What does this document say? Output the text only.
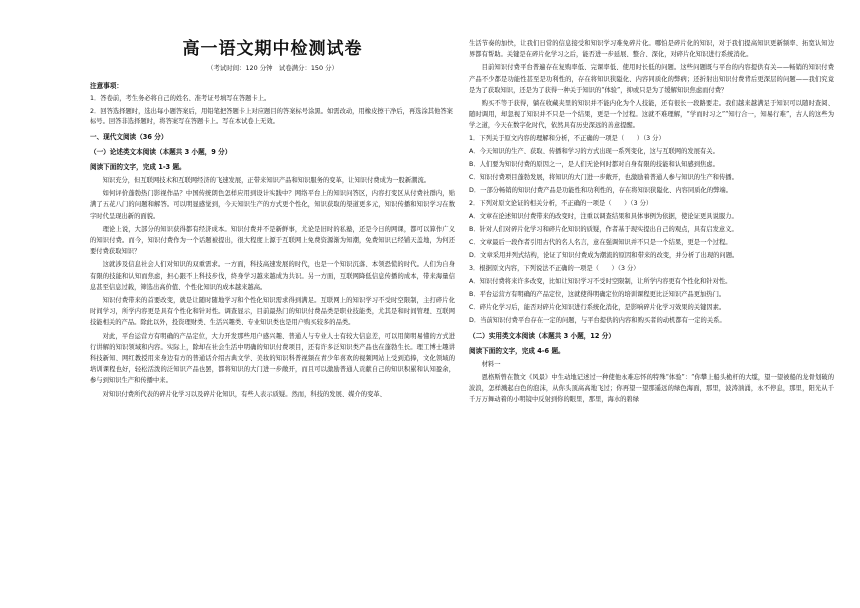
高一语文期中检测试卷
（考试时间：120 分钟　试卷满分：150 分）
注意事项：
1．答卷前，考生务必将自己的姓名、准考证号填写在答题卡上。
2．回答选择题时，选出每小题答案后，用铅笔把答题卡上对应题目的答案标号涂黑。如需改动，用橡皮擦干净后，再选涂其他答案标号。回答非选择题时，将答案写在答题卡上。写在本试卷上无效。
一、现代文阅读（36 分）
（一）论述类文本阅读（本题共 3 小题，9 分）
阅读下面的文字，完成 1-3 题。

知识充分，但互联网技术和互联网经济的飞速发展，正带来知识产品和知识服务的变革，让知识付费成为一股新潮流。

如何评价蓬勃热门影视作品？中国传统朗色怎样应用到设计实践中？网络平台上的知识问答区，内容打变区从付费社群内，贴满了五花八门的问题和解答。可以明显感觉到，今天知识生产的方式更个性化，知识获取的渠道更多元，知识传播和知识学习在数字时代呈现出新的面貌。

理论上说，大部分的知识获得都有经济成本。知识付费并不是新鲜事，尤论是旧时的私塾，还是今日的网课，都可以算作广义的知识付费。而今，知识付费作为一个话题被提出，很大程度上源于互联网上免费资源渐为知潮，免费知识已经铺天盖地，为何还要付费获取知识？

这就涉及信息社会人们对知识的双重需求。一方面，科技高速发展的时代，也是一个知识沉落、本领恐慌的时代。人们为自身有限的技能和认知而焦虑，担心跟不上科技步伐，終身学习越来越成为共识。另一方面，互联网降低信息传播的成本，带来海量信息甚至信息过载，筛选出高价值、个性化知识的成本越来越高。

知识付费带来的首要改变，就是让随时随地学习和个性化知识需求得到满足。互联网上的知识学习不受时空限制，主打碎片化时间学习，所学内容更是具有个性化和针对性。调查显示，目前最热门的知识付费品类是职业技能类，尤其是和时间管理、互联网技能相关的产品。除此以外，投资理财类、生活兴趣类、专业知识类也是用户购买较多的品类。

对此，平台运营方有明确的产品定位，大力开发那些用户感兴趣、普通人与专业人士有较大信息差，可以用简明易懂的方式进行讲解的知识领域和内容。实际上，除却在社会生活中明确的知识付费项目，还有许多泛知识类产品也在蓬勃生长。理工博士趣讲科技新知、网红教授用来身边有方的普通话介绍古典文学、美妆的知识科普视频在青少年喜欢的视频网站上受到追捧，文化领域的培训课程也好，轻松活泼的泛知识产品也罢，都将知识的大门进一步敞开，而且可以激励普通人贡献自己的知识积累和认知盈余，参与到知识生产和传播中来。

对知识付费所代表的碎片化学习以及碎片化知识，有些人表示质疑。然而，科技的发展、媒介的变革、

生活节奏的加快，让我们日常的信息接受和知识学习难免碎片化。哪怕是碎片化的知识，对于我们提高知识更新频率、拓宽认知边界都有帮助。关键是在碎片化学习之后，能否进一步延展、整合、深化，对碎片化知识进行系统消化。

目前知识付费平台普遍存在复购率低、完课率低、使用时长低的问题。这些问题既与平台的内容提供有关——畅销的知识付费产品不少都是功能性甚至是功利性的，存在将知识狭隘化、内容同质化的弊病；还折射出知识付费背后更深层的问题——我们究竟是为了获取知识，还是为了获得一种关于知识的“体验”，抑或只是为了缓解知识焦虑而付费？

购买不等于获得，躺在收藏夹里的知识并不能内化为个人技能，还有很长一段路要走。我们越来越满足于知识可以随时查阅、随时调用，却忽视了知识并不只是一个结果，更是一个过程。这就不难理解，“学而时习之”“知行合一，知易行难”，古人的这些为学之道，今天在数字化时代，依然具有历史深远的善意提醒。

1．下列关于原文内容的理解和分析，不正确的一项是（　　）（3 分）
A．今天知识的生产、获取、传播和学习的方式出现一系列变化，这与互联网的发展有关。
B．人们要为知识付费的原因之一，是人们无论何时都对自身有限的技能和认知感到焦虑。
C．知识付费项目蓬勃发展，将知识的大门进一步敞开，也激励着普通人参与知识的生产和传播。
D．一部分畅销的知识付费产品是功能性和功利性的，存在将知识狭隘化、内容同质化的弊端。
2．下列对原文论证的相关分析，不正确的一项是（　　）（3 分）
A．文章在论述知识付费带来的改变时，注重以调查结果和具体事例为依据，使论证更具说服力。
B．针对人们对碎片化学习和碎片化知识的质疑，作者基于现实提出自己的观点，具有启发意义。
C．文章最后一段作者引用古代的名人名言，意在强调知识并不只是一个结果，更是一个过程。
D．文章采用并列式结构，论证了知识付费成为潮流的原因和带来的改变，并分析了出现的问题。
3．根据原文内容，下列说法不正确的一项是（　　）（3 分）
A．知识付费将来许多改变，比如让知识学习不受时空限制，让所学内容更有个性化和针对性。
B．平台运营方有明确的产品定位，这就使得明确定位的培训课程更比泛知识产品更加热门。
C．碎片化学习后，能否对碎片化知识进行系统化消化，是影响碎片化学习效果的关键因素。
D．当前知识付费平台存在一定的问题，与平台提供的内容和购买者的动机都有一定的关系。
（二）实用类文本阅读（本题共 3 小题，12 分）
阅读下面的文字，完成 4-6 题。

材料一

恩格斯曾在散文《风景》中生动地记述过一种使他永难忘怀的特殊“体验”：“你攀上船头桅杆的大缆，望一望被船的龙骨划破的波浪，怎样溅起白色的泡沫，从你头顶高高地飞过；你再望一望那遥远的绿色海面，那里，波涛汹涌，永不停息，那里，阳光从千千万万舞动着的小明镜中反射到你的眼里，那里，海水的碧绿
